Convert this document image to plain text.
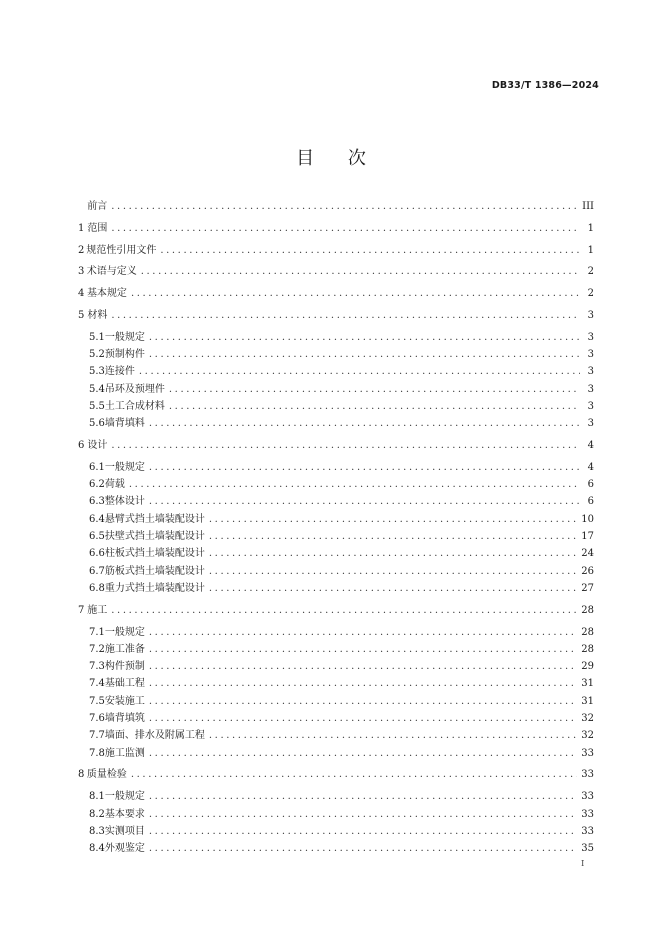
DB33/T 1386—2024
目 次
前言 .....	III
1 范围 .....	1
2 规范性引用文件 .....	1
3 术语与定义 .....	2
4 基本规定 .....	2
5 材料 .....	3
5.1 一般规定 .....	3
5.2 预制构件 .....	3
5.3 连接件 .....	3
5.4 吊环及预埋件 .....	3
5.5 土工合成材料 .....	3
5.6 墙背填料 .....	3
6 设计 .....	4
6.1 一般规定 .....	4
6.2 荷载 .....	6
6.3 整体设计 .....	6
6.4 悬臂式挡土墙装配设计 .....	10
6.5 扶壁式挡土墙装配设计 .....	17
6.6 柱板式挡土墙装配设计 .....	24
6.7 筋板式挡土墙装配设计 .....	26
6.8 重力式挡土墙装配设计 .....	27
7 施工 .....	28
7.1 一般规定 .....	28
7.2 施工准备 .....	28
7.3 构件预制 .....	29
7.4 基础工程 .....	31
7.5 安装施工 .....	31
7.6 墙背填筑 .....	32
7.7 墙面、排水及附属工程 .....	32
7.8 施工监测 .....	33
8 质量检验 .....	33
8.1 一般规定 .....	33
8.2 基本要求 .....	33
8.3 实测项目 .....	33
8.4 外观鉴定 .....	35
I
